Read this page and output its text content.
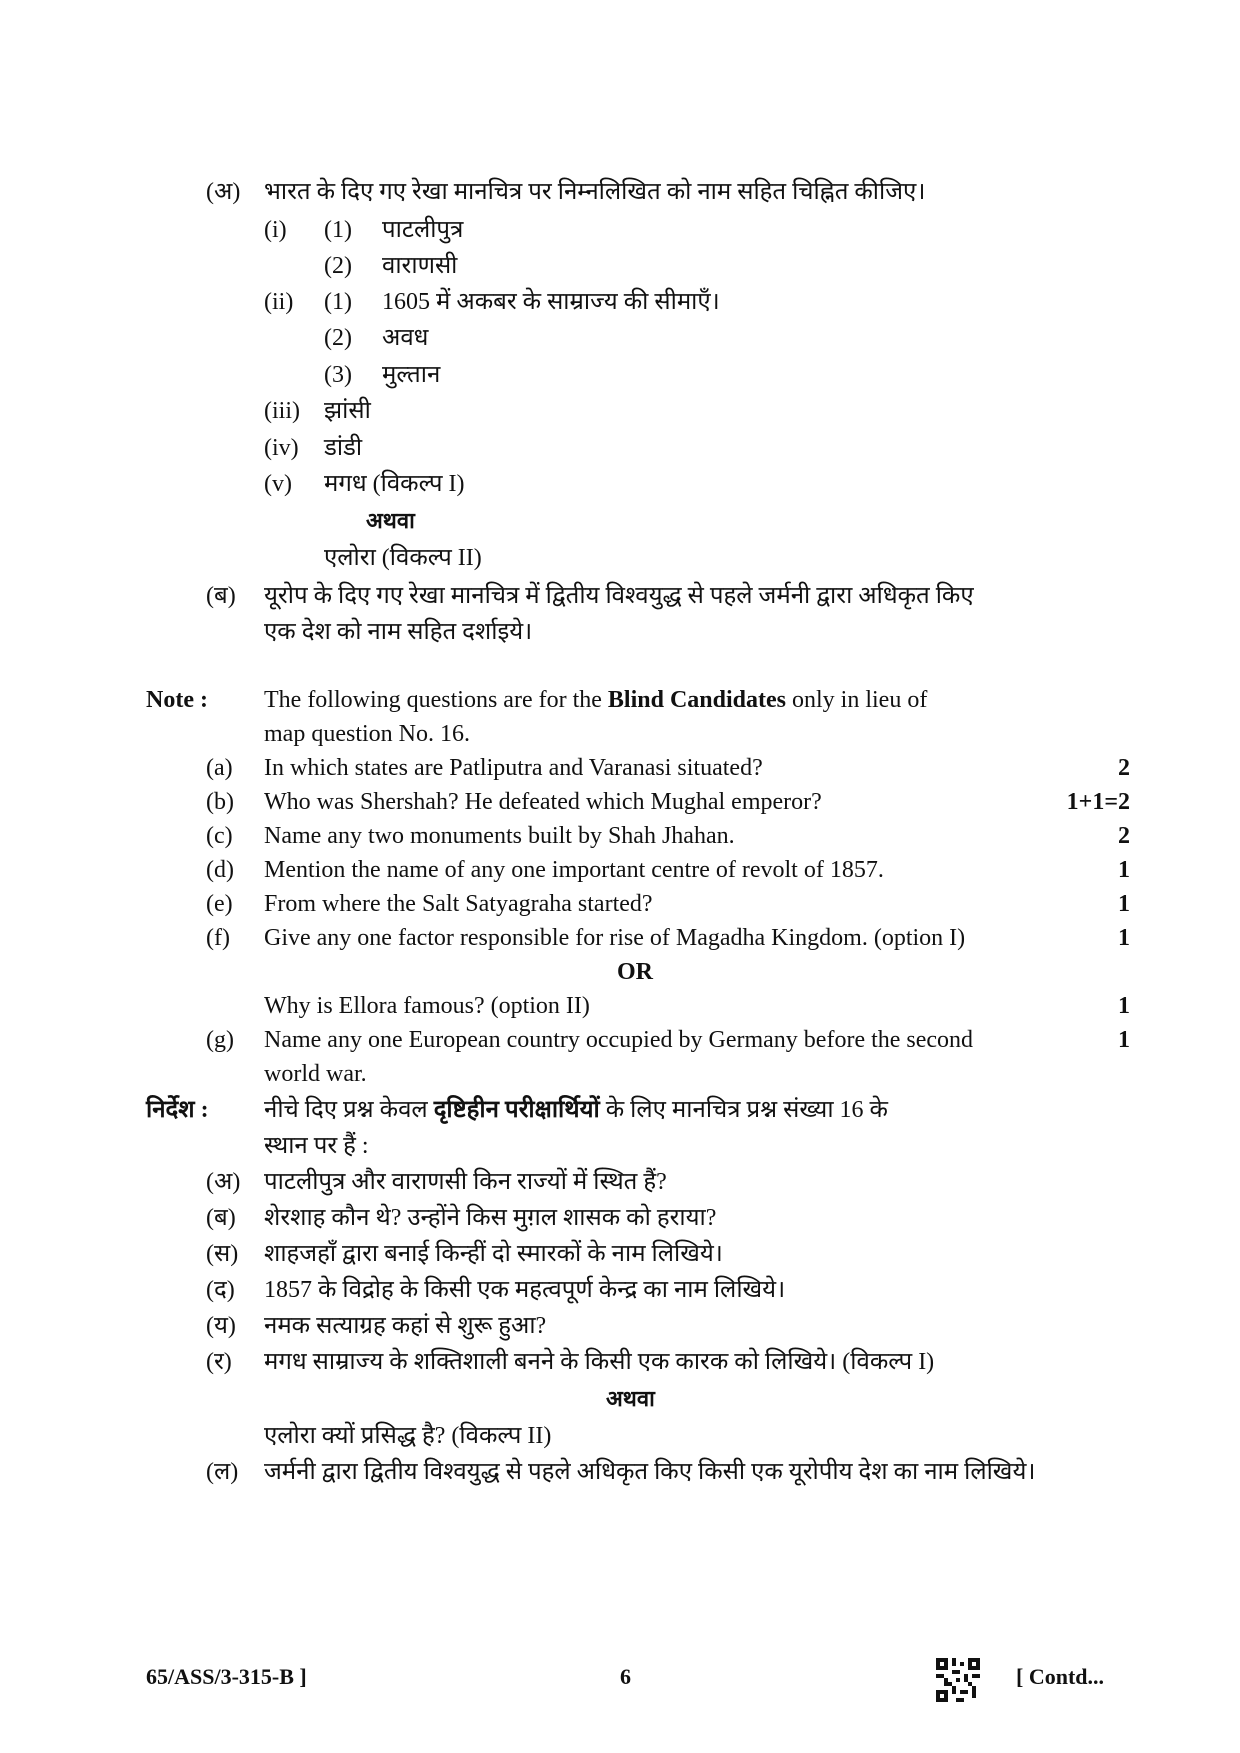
(अ) भारत के दिए गए रेखा मानचित्र पर निम्नलिखित को नाम सहित चिह्नित कीजिए।
(i) (1) पाटलीपुत्र
(2) वाराणसी
(ii) (1) 1605 में अकबर के साम्राज्य की सीमाएँ।
(2) अवध
(3) मुल्तान
(iii) झांसी
(iv) डांडी
(v) मगध (विकल्प I)
अथवा
एलोरा (विकल्प II)
(ब) यूरोप के दिए गए रेखा मानचित्र में द्वितीय विश्वयुद्ध से पहले जर्मनी द्वारा अधिकृत किए
एक देश को नाम सहित दर्शाइये।
Note : The following questions are for the Blind Candidates only in lieu of
map question No. 16.
(a) In which states are Patliputra and Varanasi situated?	2
(b) Who was Shershah? He defeated which Mughal emperor?	1+1=2
(c) Name any two monuments built by Shah Jhahan.	2
(d) Mention the name of any one important centre of revolt of 1857.	1
(e) From where the Salt Satyagraha started?	1
(f) Give any one factor responsible for rise of Magadha Kingdom. (option I)	1
OR
Why is Ellora famous? (option II)	1
(g) Name any one European country occupied by Germany before the second	1
world war.
निर्देश : नीचे दिए प्रश्न केवल दृष्टिहीन परीक्षार्थियों के लिए मानचित्र प्रश्न संख्या 16 के
स्थान पर हैं :
(अ) पाटलीपुत्र और वाराणसी किन राज्यों में स्थित हैं?
(ब) शेरशाह कौन थे? उन्होंने किस मुग़ल शासक को हराया?
(स) शाहजहाँ द्वारा बनाई किन्हीं दो स्मारकों के नाम लिखिये।
(द) 1857 के विद्रोह के किसी एक महत्वपूर्ण केन्द्र का नाम लिखिये।
(य) नमक सत्याग्रह कहां से शुरू हुआ?
(र) मगध साम्राज्य के शक्तिशाली बनने के किसी एक कारक को लिखिये। (विकल्प I)
अथवा
एलोरा क्यों प्रसिद्ध है? (विकल्प II)
(ल) जर्मनी द्वारा द्वितीय विश्वयुद्ध से पहले अधिकृत किए किसी एक यूरोपीय देश का नाम लिखिये।
65/ASS/3-315-B ]	6	[ Contd...
